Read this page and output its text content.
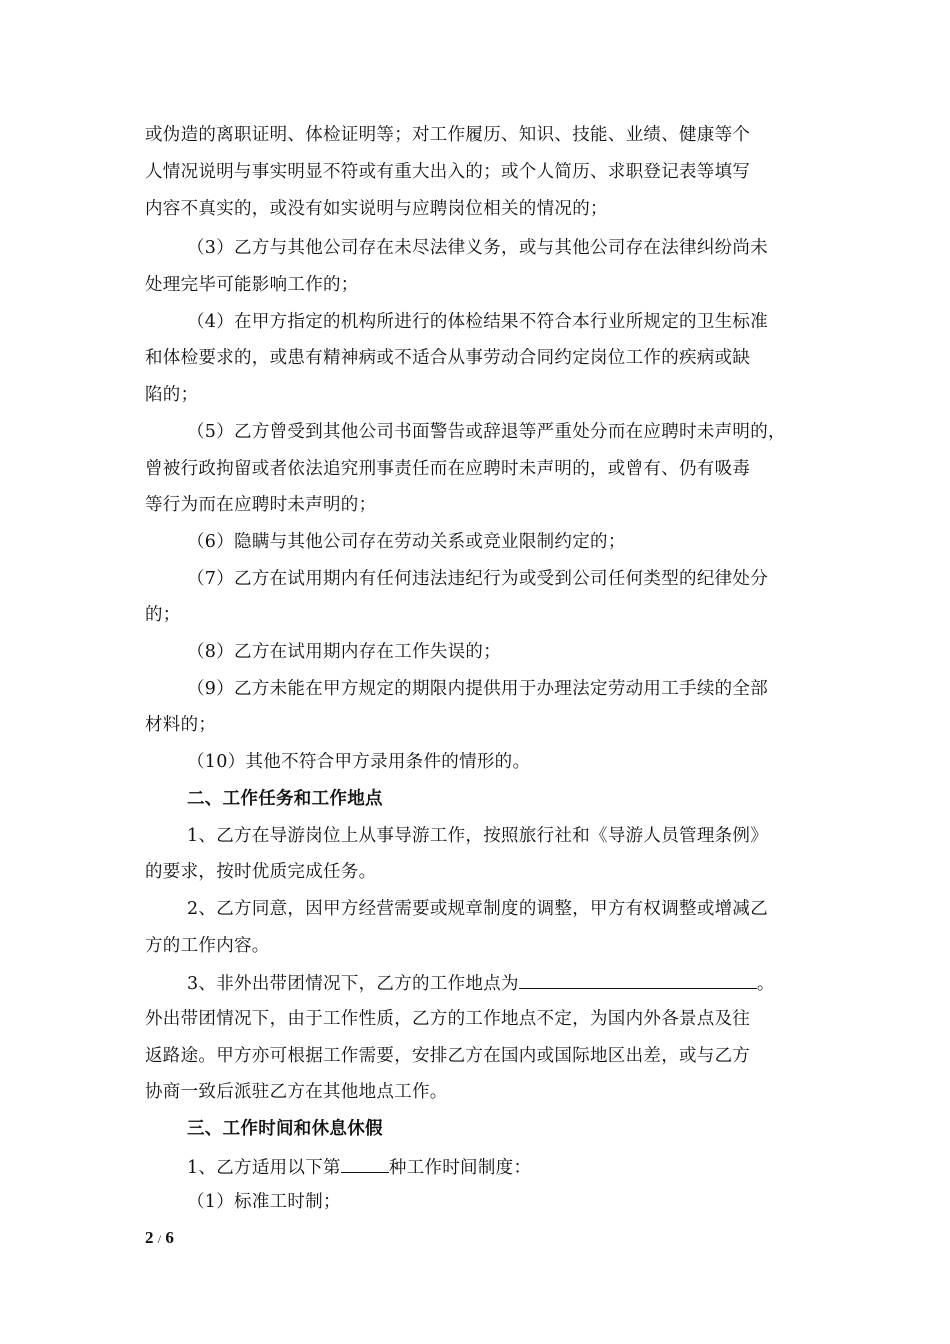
或伪造的离职证明、体检证明等；对工作履历、知识、技能、业绩、健康等个
人情况说明与事实明显不符或有重大出入的；或个人简历、求职登记表等填写
内容不真实的，或没有如实说明与应聘岗位相关的情况的；
（3）乙方与其他公司存在未尽法律义务，或与其他公司存在法律纠纷尚未
处理完毕可能影响工作的；
（4）在甲方指定的机构所进行的体检结果不符合本行业所规定的卫生标准
和体检要求的，或患有精神病或不适合从事劳动合同约定岗位工作的疾病或缺
陷的；
（5）乙方曾受到其他公司书面警告或辞退等严重处分而在应聘时未声明的，
曾被行政拘留或者依法追究刑事责任而在应聘时未声明的，或曾有、仍有吸毒
等行为而在应聘时未声明的；
（6）隐瞒与其他公司存在劳动关系或竞业限制约定的；
（7）乙方在试用期内有任何违法违纪行为或受到公司任何类型的纪律处分
的；
（8）乙方在试用期内存在工作失误的；
（9）乙方未能在甲方规定的期限内提供用于办理法定劳动用工手续的全部
材料的；
（10）其他不符合甲方录用条件的情形的。
二、工作任务和工作地点
1、乙方在导游岗位上从事导游工作，按照旅行社和《导游人员管理条例》
的要求，按时优质完成任务。
2、乙方同意，因甲方经营需要或规章制度的调整，甲方有权调整或增减乙
方的工作内容。
3、非外出带团情况下，乙方的工作地点为	。
外出带团情况下，由于工作性质，乙方的工作地点不定，为国内外各景点及往
返路途。甲方亦可根据工作需要，安排乙方在国内或国际地区出差，或与乙方
协商一致后派驻乙方在其他地点工作。
三、工作时间和休息休假
1、乙方适用以下第	种工作时间制度：
（1）标准工时制；
2 / 6
